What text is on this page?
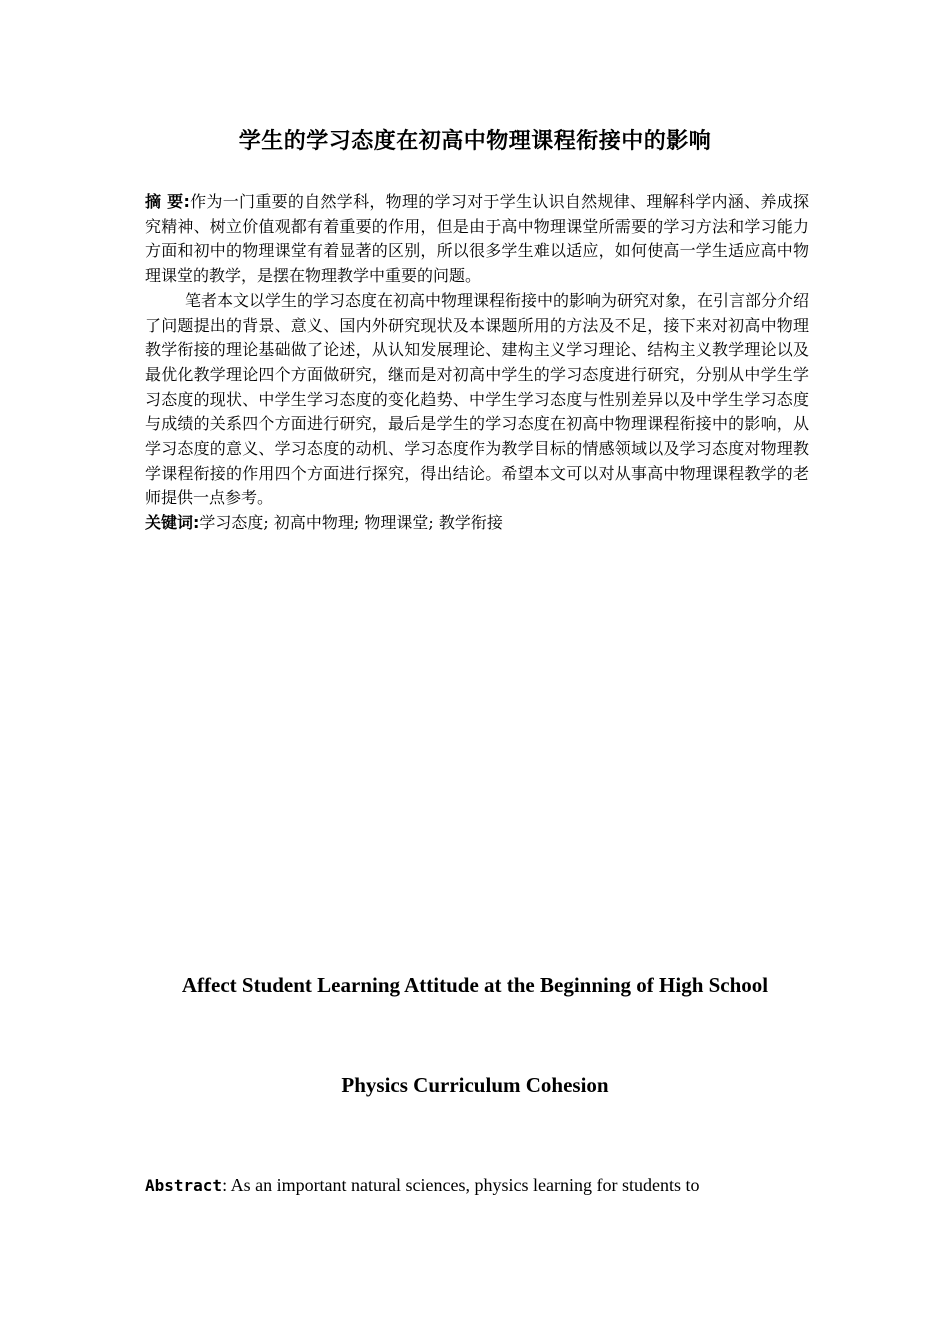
学生的学习态度在初高中物理课程衔接中的影响

摘 要:作为一门重要的自然学科，物理的学习对于学生认识自然规律、理解科学内涵、养成探究精神、树立价值观都有着重要的作用，但是由于高中物理课堂所需要的学习方法和学习能力方面和初中的物理课堂有着显著的区别，所以很多学生难以适应，如何使高一学生适应高中物理课堂的教学，是摆在物理教学中重要的问题。

笔者本文以学生的学习态度在初高中物理课程衔接中的影响为研究对象，在引言部分介绍了问题提出的背景、意义、国内外研究现状及本课题所用的方法及不足，接下来对初高中物理教学衔接的理论基础做了论述，从认知发展理论、建构主义学习理论、结构主义教学理论以及最优化教学理论四个方面做研究，继而是对初高中学生的学习态度进行研究，分别从中学生学习态度的现状、中学生学习态度的变化趋势、中学生学习态度与性别差异以及中学生学习态度与成绩的关系四个方面进行研究，最后是学生的学习态度在初高中物理课程衔接中的影响，从学习态度的意义、学习态度的动机、学习态度作为教学目标的情感领域以及学习态度对物理教学课程衔接的作用四个方面进行探究，得出结论。希望本文可以对从事高中物理课程教学的老师提供一点参考。

关键词:学习态度; 初高中物理; 物理课堂; 教学衔接

Affect Student Learning Attitude at the Beginning of High School
Physics Curriculum Cohesion
Abstract: As an important natural sciences, physics learning for students to
